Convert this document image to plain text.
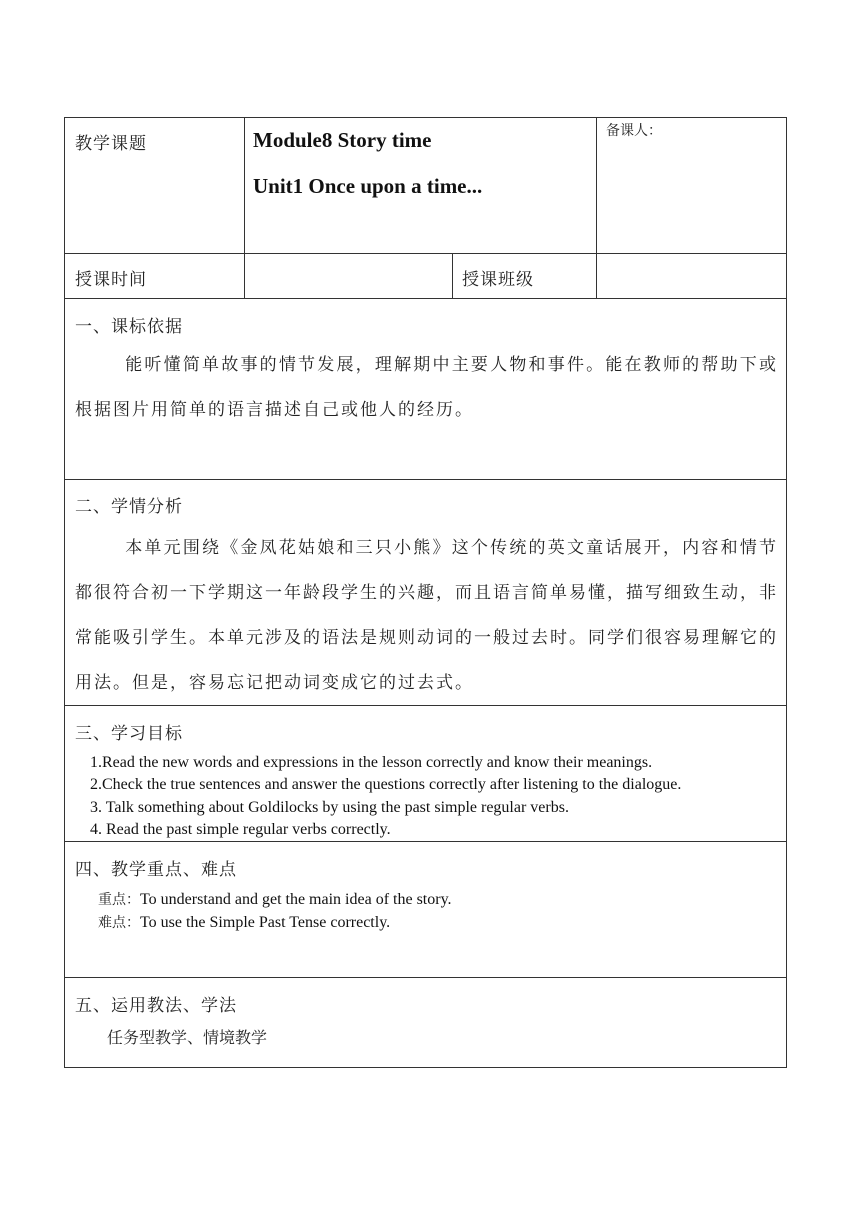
教学课题	Module8 Story time
Unit1 Once upon a time...
备课人：
授课时间	授课班级
一、课标依据
能听懂简单故事的情节发展，理解期中主要人物和事件。能在教师的帮助下或根据图片用简单的语言描述自己或他人的经历。
二、学情分析
本单元围绕《金凤花姑娘和三只小熊》这个传统的英文童话展开，内容和情节都很符合初一下学期这一年龄段学生的兴趣，而且语言简单易懂，描写细致生动，非常能吸引学生。本单元涉及的语法是规则动词的一般过去时。同学们很容易理解它的用法。但是，容易忘记把动词变成它的过去式。
三、学习目标
1.Read the new words and expressions in the lesson correctly and know their meanings.
2.Check the true sentences and answer the questions correctly after listening to the dialogue.
3. Talk something about Goldilocks by using the past simple regular verbs.
4. Read the past simple regular verbs correctly.
四、教学重点、难点
重点：To understand and get the main idea of the story.
难点：To use the Simple Past Tense correctly.
五、运用教法、学法
任务型教学、情境教学
